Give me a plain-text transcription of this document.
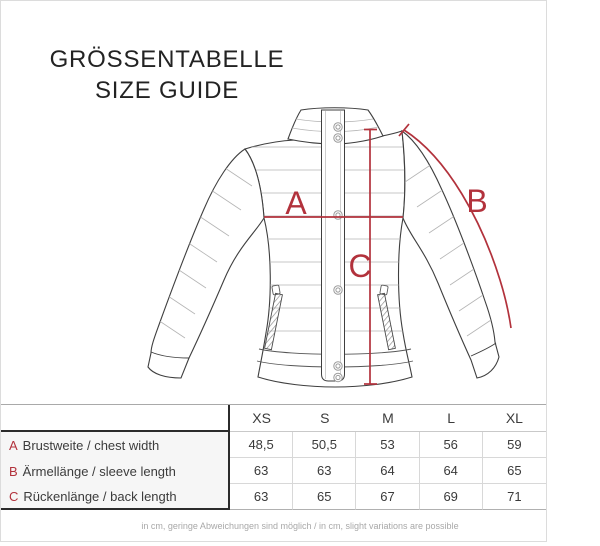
GRÖSSENTABELLE
SIZE GUIDE
A	B
C
XS	S	M	L	XL
A Brustweite / chest width	48,5	50,5	53	56	59
B Ärmellänge / sleeve length	63	63	64	64	65
C Rückenlänge / back length	63	65	67	69	71
in cm, geringe Abweichungen sind möglich / in cm, slight variations are possible
